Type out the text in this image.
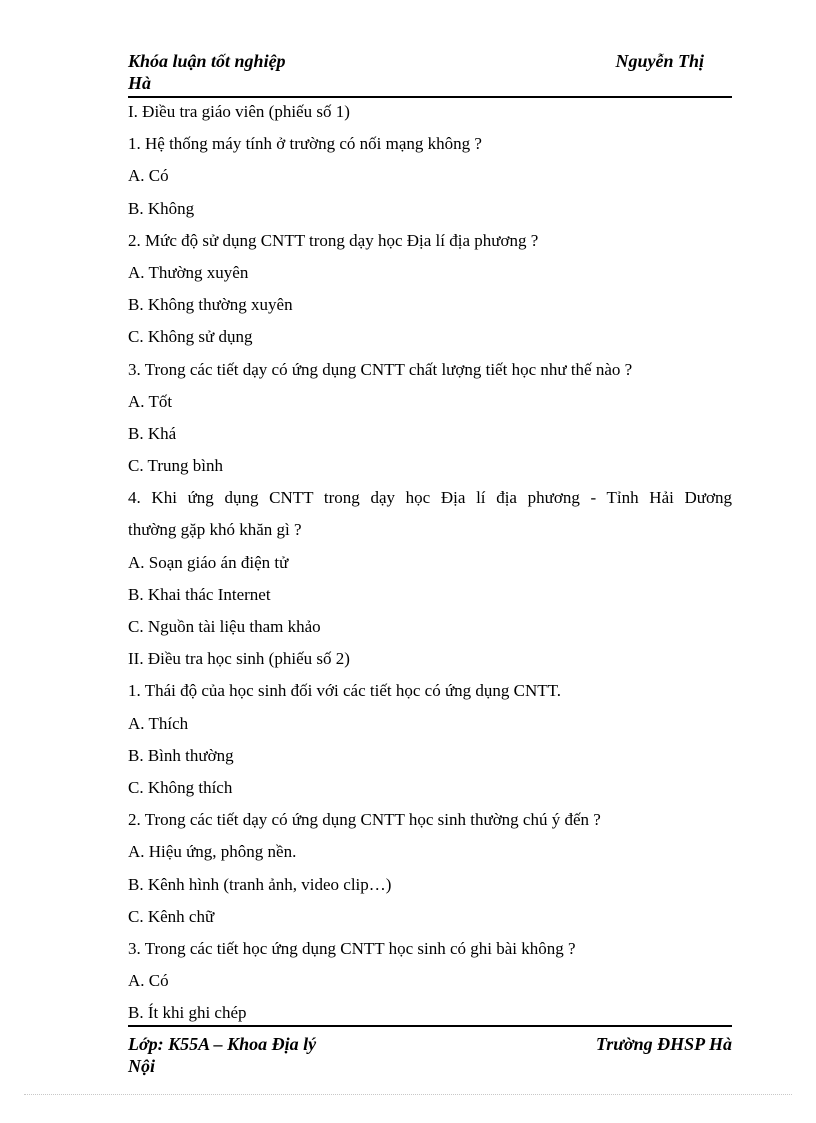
Khóa luận tốt nghiệp	Nguyễn Thị
Hà
I. Điều tra giáo viên (phiếu số 1)
1. Hệ thống máy tính ở trường có nối mạng không ?
A. Có
B. Không
2. Mức độ sử dụng CNTT trong dạy học Địa lí địa phương ?
A. Thường xuyên
B. Không thường xuyên
C. Không sử dụng
3. Trong các tiết dạy có ứng dụng CNTT chất lượng tiết học như thế nào ?
A. Tốt
B. Khá
C. Trung bình
4. Khi ứng dụng CNTT trong dạy học Địa lí địa phương - Tỉnh Hải Dương
thường gặp khó khăn gì ?
A. Soạn giáo án điện tử
B. Khai thác Internet
C. Nguồn tài liệu tham khảo
II. Điều tra học sinh (phiếu số 2)
1. Thái độ của học sinh đối với các tiết học có ứng dụng CNTT.
A. Thích
B. Bình thường
C. Không thích
2. Trong các tiết dạy có ứng dụng CNTT học sinh thường chú ý đến ?
A. Hiệu ứng, phông nền.
B. Kênh hình (tranh ảnh, video clip…)
C. Kênh chữ
3. Trong các tiết học ứng dụng CNTT học sinh có ghi bài không ?
A. Có
B. Ít khi ghi chép
Lớp: K55A – Khoa Địa lý	Trường ĐHSP Hà
Nội
